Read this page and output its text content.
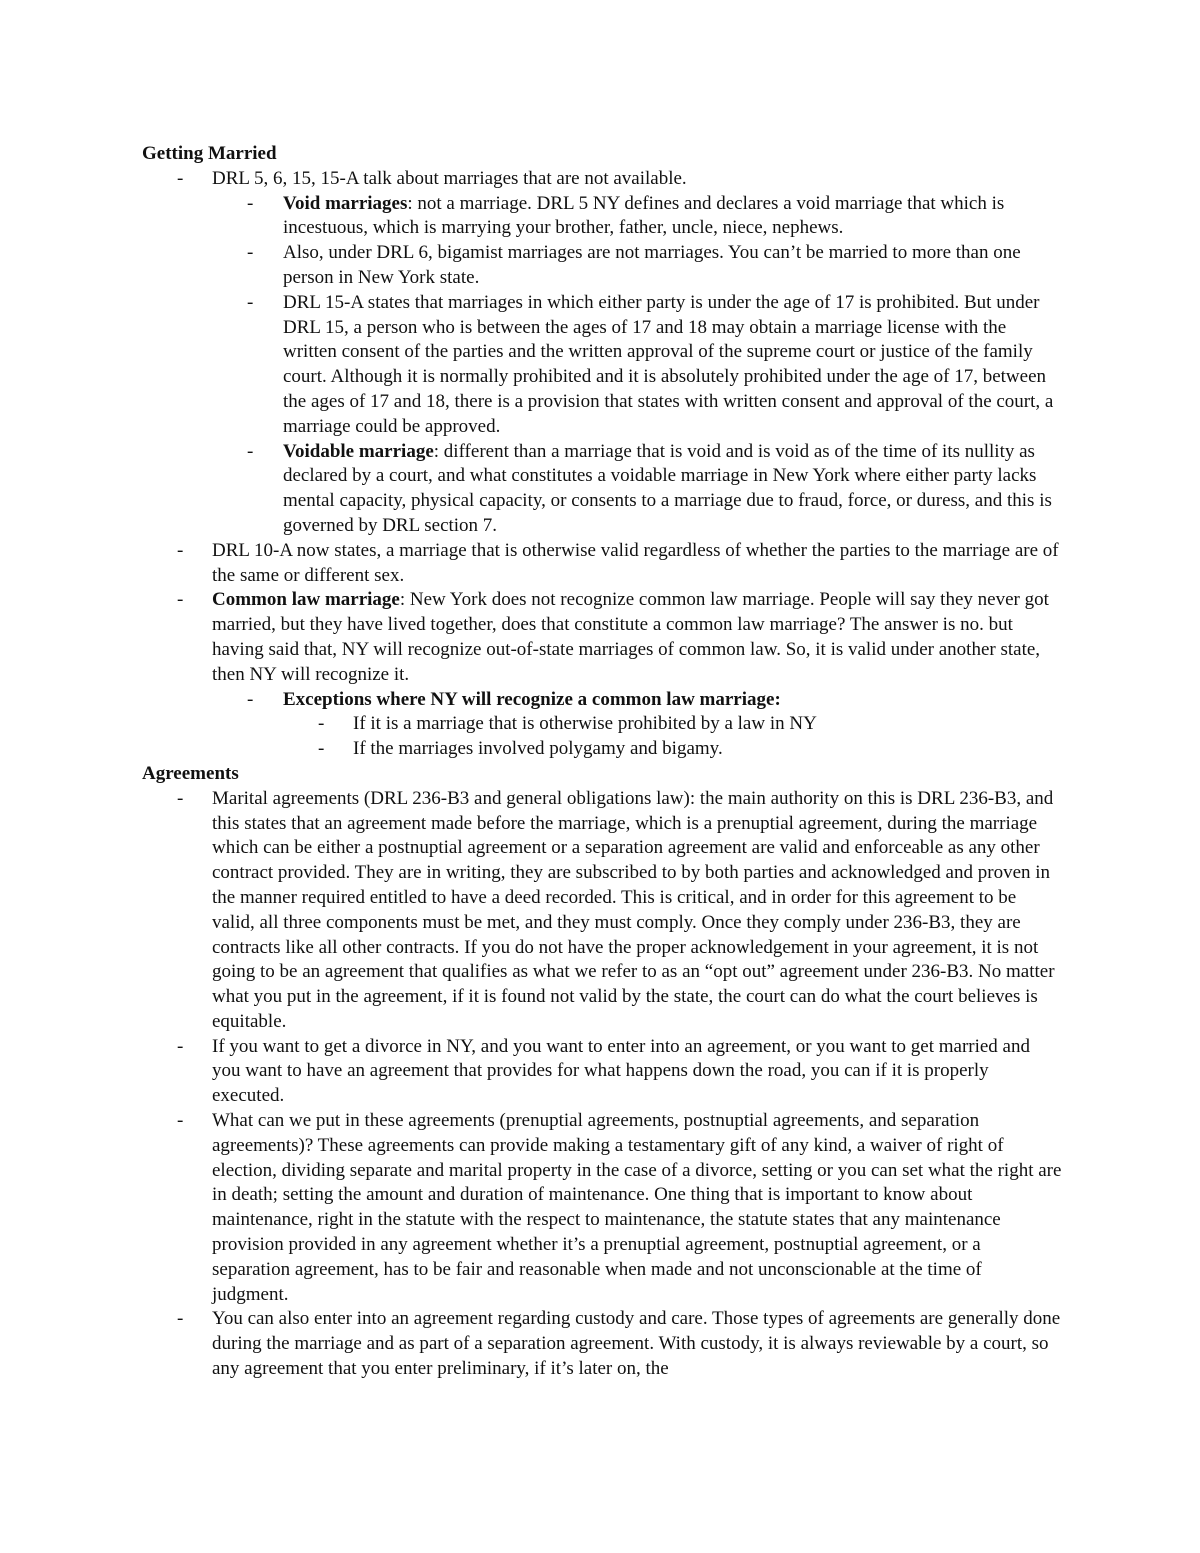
Getting Married
- DRL 5, 6, 15, 15-A talk about marriages that are not available.
- Void marriages: not a marriage. DRL 5 NY defines and declares a void marriage that which is incestuous, which is marrying your brother, father, uncle, niece, nephews.
- Also, under DRL 6, bigamist marriages are not marriages. You can’t be married to more than one person in New York state.
- DRL 15-A states that marriages in which either party is under the age of 17 is prohibited. But under DRL 15, a person who is between the ages of 17 and 18 may obtain a marriage license with the written consent of the parties and the written approval of the supreme court or justice of the family court. Although it is normally prohibited and it is absolutely prohibited under the age of 17, between the ages of 17 and 18, there is a provision that states with written consent and approval of the court, a marriage could be approved.
- Voidable marriage: different than a marriage that is void and is void as of the time of its nullity as declared by a court, and what constitutes a voidable marriage in New York where either party lacks mental capacity, physical capacity, or consents to a marriage due to fraud, force, or duress, and this is governed by DRL section 7.
- DRL 10-A now states, a marriage that is otherwise valid regardless of whether the parties to the marriage are of the same or different sex.
- Common law marriage: New York does not recognize common law marriage. People will say they never got married, but they have lived together, does that constitute a common law marriage? The answer is no. but having said that, NY will recognize out-of-state marriages of common law. So, it is valid under another state, then NY will recognize it.
- Exceptions where NY will recognize a common law marriage:
- If it is a marriage that is otherwise prohibited by a law in NY
- If the marriages involved polygamy and bigamy.
Agreements
- Marital agreements (DRL 236-B3 and general obligations law): the main authority on this is DRL 236-B3, and this states that an agreement made before the marriage, which is a prenuptial agreement, during the marriage which can be either a postnuptial agreement or a separation agreement are valid and enforceable as any other contract provided. They are in writing, they are subscribed to by both parties and acknowledged and proven in the manner required entitled to have a deed recorded. This is critical, and in order for this agreement to be valid, all three components must be met, and they must comply. Once they comply under 236-B3, they are contracts like all other contracts. If you do not have the proper acknowledgement in your agreement, it is not going to be an agreement that qualifies as what we refer to as an “opt out” agreement under 236-B3. No matter what you put in the agreement, if it is found not valid by the state, the court can do what the court believes is equitable.
- If you want to get a divorce in NY, and you want to enter into an agreement, or you want to get married and you want to have an agreement that provides for what happens down the road, you can if it is properly executed.
- What can we put in these agreements (prenuptial agreements, postnuptial agreements, and separation agreements)? These agreements can provide making a testamentary gift of any kind, a waiver of right of election, dividing separate and marital property in the case of a divorce, setting or you can set what the right are in death; setting the amount and duration of maintenance. One thing that is important to know about maintenance, right in the statute with the respect to maintenance, the statute states that any maintenance provision provided in any agreement whether it’s a prenuptial agreement, postnuptial agreement, or a separation agreement, has to be fair and reasonable when made and not unconscionable at the time of judgment.
- You can also enter into an agreement regarding custody and care. Those types of agreements are generally done during the marriage and as part of a separation agreement. With custody, it is always reviewable by a court, so any agreement that you enter preliminary, if it’s later on, the
